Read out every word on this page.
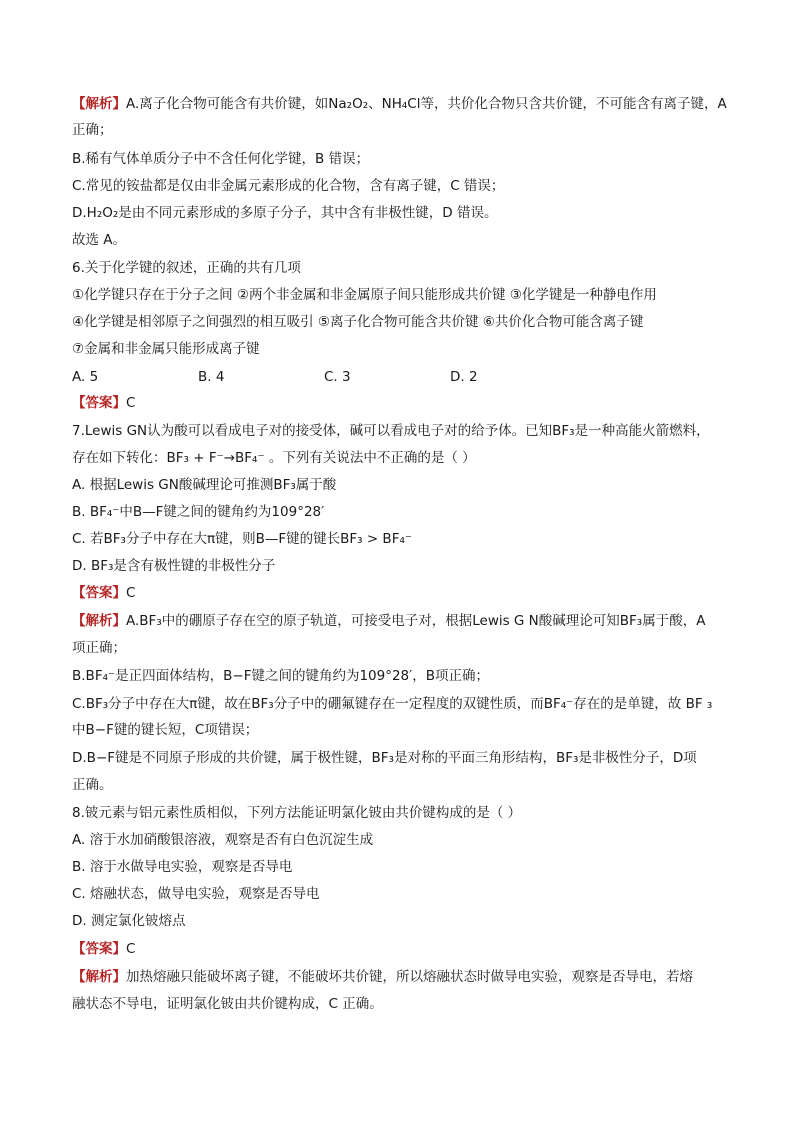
【解析】A.离子化合物可能含有共价键，如Na₂O₂、NH₄Cl等，共价化合物只含共价键，不可能含有离子键，A
正确；
B.稀有气体单质分子中不含任何化学键，B 错误；
C.常见的铵盐都是仅由非金属元素形成的化合物，含有离子键，C 错误；
D.H₂O₂是由不同元素形成的多原子分子，其中含有非极性键，D 错误。
故选 A。
6.关于化学键的叙述，正确的共有几项
①化学键只存在于分子之间 ②两个非金属和非金属原子间只能形成共价键 ③化学键是一种静电作用
④化学键是相邻原子之间强烈的相互吸引 ⑤离子化合物可能含共价键 ⑥共价化合物可能含离子键
⑦金属和非金属只能形成离子键
A. 5	B. 4	C. 3	D. 2
【答案】C
7.Lewis GN认为酸可以看成电子对的接受体，碱可以看成电子对的给予体。已知BF₃是一种高能火箭燃料，
存在如下转化：BF₃ + F⁻→BF₄⁻ 。下列有关说法中不正确的是（ ）
A. 根据Lewis GN酸碱理论可推测BF₃属于酸
B. BF₄⁻中B—F键之间的键角约为109°28′
C. 若BF₃分子中存在大π键，则B—F键的键长BF₃ > BF₄⁻
D. BF₃是含有极性键的非极性分子
【答案】C
【解析】A.BF₃中的硼原子存在空的原子轨道，可接受电子对，根据Lewis G N酸碱理论可知BF₃属于酸，A
项正确；
B.BF₄⁻是正四面体结构，B−F键之间的键角约为109°28′，B项正确；
C.BF₃分子中存在大π键，故在BF₃分子中的硼氟键存在一定程度的双键性质，而BF₄⁻存在的是单键，故 BF ₃
中B−F键的键长短，C项错误；
D.B−F键是不同原子形成的共价键，属于极性键，BF₃是对称的平面三角形结构，BF₃是非极性分子，D项
正确。
8.铍元素与铝元素性质相似，下列方法能证明氯化铍由共价键构成的是（ ）
A. 溶于水加硝酸银溶液，观察是否有白色沉淀生成
B. 溶于水做导电实验，观察是否导电
C. 熔融状态，做导电实验，观察是否导电
D. 测定氯化铍熔点
【答案】C
【解析】加热熔融只能破坏离子键，不能破坏共价键，所以熔融状态时做导电实验，观察是否导电，若熔
融状态不导电，证明氯化铍由共价键构成，C 正确。
